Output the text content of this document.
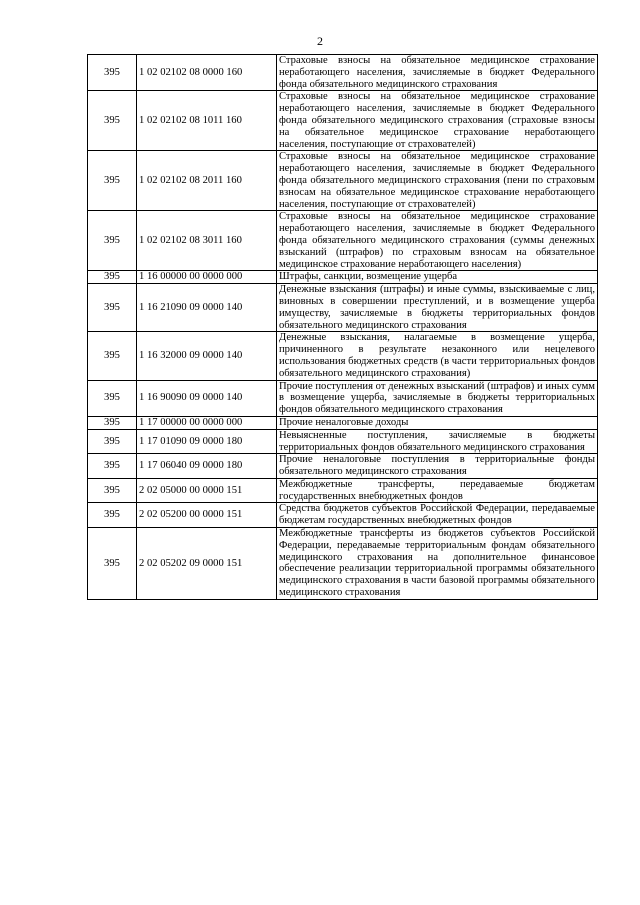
2
395	1 02 02102 08 0000 160	Страховые взносы на обязательное медицинское страхование неработающего населения, зачисляемые в бюджет Федерального фонда обязательного медицинского страхования
395	1 02 02102 08 1011 160	Страховые взносы на обязательное медицинское страхование неработающего населения, зачисляемые в бюджет Федерального фонда обязательного медицинского страхования (страховые взносы на обязательное медицинское страхование неработающего населения, поступающие от страхователей)
395	1 02 02102 08 2011 160	Страховые взносы на обязательное медицинское страхование неработающего населения, зачисляемые в бюджет Федерального фонда обязательного медицинского страхования (пени по страховым взносам на обязательное медицинское страхование неработающего населения, поступающие от страхователей)
395	1 02 02102 08 3011 160	Страховые взносы на обязательное медицинское страхование неработающего населения, зачисляемые в бюджет Федерального фонда обязательного медицинского страхования (суммы денежных взысканий (штрафов) по страховым взносам на обязательное медицинское страхование неработающего населения)
395	1 16 00000 00 0000 000	Штрафы, санкции, возмещение ущерба
395	1 16 21090 09 0000 140	Денежные взыскания (штрафы) и иные суммы, взыскиваемые с лиц, виновных в совершении преступлений, и в возмещение ущерба имуществу, зачисляемые в бюджеты территориальных фондов обязательного медицинского страхования
395	1 16 32000 09 0000 140	Денежные взыскания, налагаемые в возмещение ущерба, причиненного в результате незаконного или нецелевого использования бюджетных средств (в части территориальных фондов обязательного медицинского страхования)
395	1 16 90090 09 0000 140	Прочие поступления от денежных взысканий (штрафов) и иных сумм в возмещение ущерба, зачисляемые в бюджеты территориальных фондов обязательного медицинского страхования
395	1 17 00000 00 0000 000	Прочие неналоговые доходы
395	1 17 01090 09 0000 180	Невыясненные поступления, зачисляемые в бюджеты территориальных фондов обязательного медицинского страхования
395	1 17 06040 09 0000 180	Прочие неналоговые поступления в территориальные фонды обязательного медицинского страхования
395	2 02 05000 00 0000 151	Межбюджетные трансферты, передаваемые бюджетам государственных внебюджетных фондов
395	2 02 05200 00 0000 151	Средства бюджетов субъектов Российской Федерации, передаваемые бюджетам государственных внебюджетных фондов
395	2 02 05202 09 0000 151	Межбюджетные трансферты из бюджетов субъектов Российской Федерации, передаваемые территориальным фондам обязательного медицинского страхования на дополнительное финансовое обеспечение реализации территориальной программы обязательного медицинского страхования в части базовой программы обязательного медицинского страхования
